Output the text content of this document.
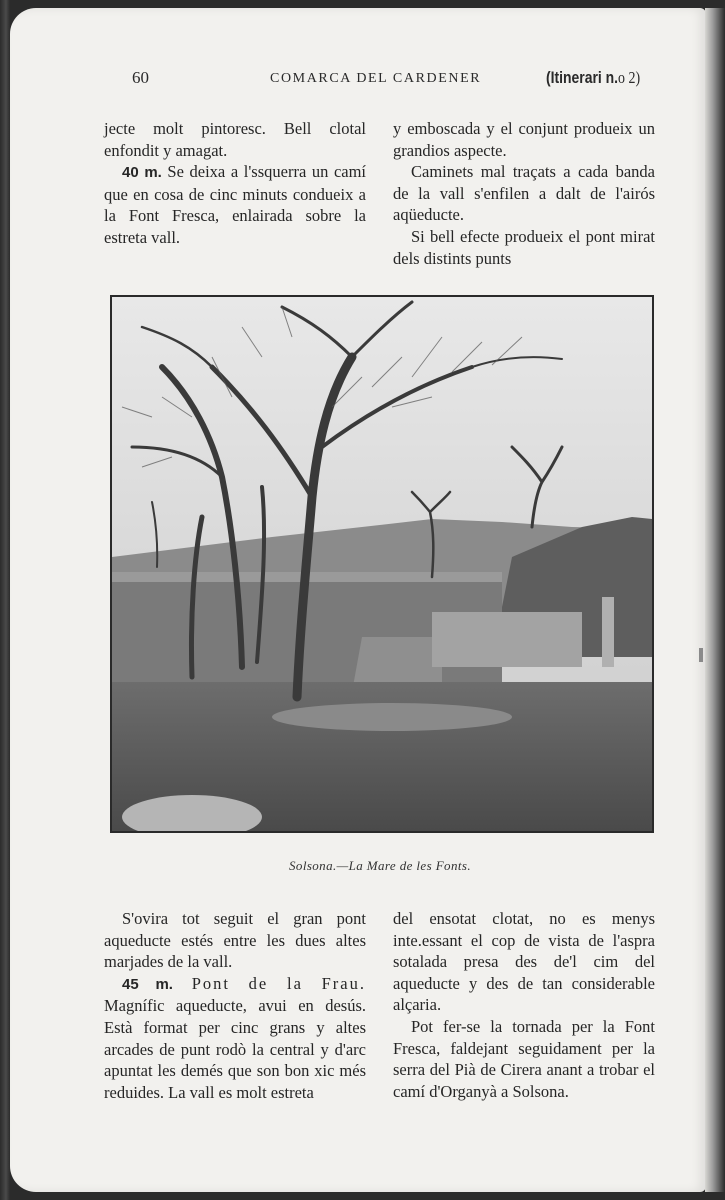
60	COMARCA DEL CARDENER	(Itinerari n.o 2)

jecte molt pintoresc. Bell clotal enfondit y amagat.

40 m. Se deixa a l'ssquerra un camí que en cosa de cinc minuts condueix a la Font Fresca, enlairada sobre la estreta vall.

y emboscada y el conjunt produeix un grandios aspecte.

Caminets mal traçats a cada banda de la vall s'enfilen a dalt de l'airós aqüeducte.

Si bell efecte produeix el pont mirat dels distints punts

Solsona.—La Mare de les Fonts.

S'ovira tot seguit el gran pont aqueducte estés entre les dues altes marjades de la vall.

45 m. Pont de la Frau. Magnífic aqueducte, avui en desús. Està format per cinc grans y altes arcades de punt rodò la central y d'arc apuntat les demés que son bon xic més reduides. La vall es molt estreta

del ensotat clotat, no es menys inte.essant el cop de vista de l'aspra sotalada presa des de'l cim del aqueducte y des de tan considerable alçaria.

Pot fer-se la tornada per la Font Fresca, faldejant seguidament per la serra del Pià de Cirera anant a trobar el camí d'Organyà a Solsona.
